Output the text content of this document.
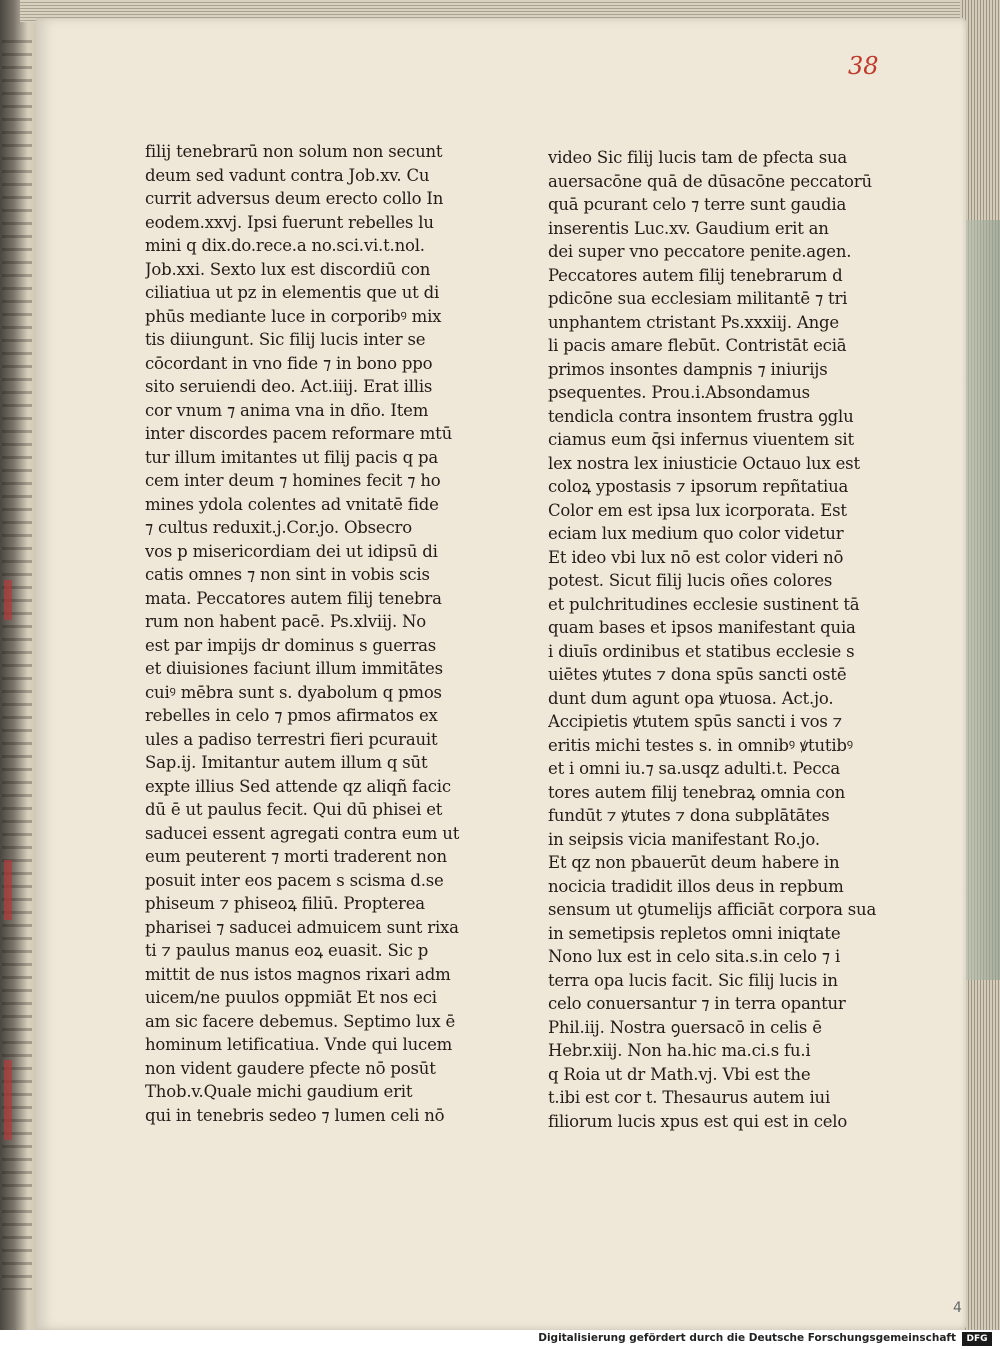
38
filij tenebrarū non solum non secunt
deum sed vadunt contra Job.xv. Cu
currit adversus deum erecto collo In
eodem.xxvj. Ipsi fuerunt rebelles lu
mini q dix.do.rece.a no.sci.vi.t.nol.
Job.xxi. Sexto lux est discordiū con
ciliatiua ut pz in elementis que ut di
phūs mediante luce in corporibꝰ mix
tis diiungunt. Sic filij lucis inter se
cōcordant in vno fide ⁊ in bono ppo
sito seruiendi deo. Act.iiij. Erat illis
cor vnum ⁊ anima vna in dño. Item
inter discordes pacem reformare mtū
tur illum imitantes ut filij pacis q pa
cem inter deum ⁊ homines fecit ⁊ ho
mines ydola colentes ad vnitatē fide
⁊ cultus reduxit.j.Cor.jo. Obsecro
vos p misericordiam dei ut idipsū di
catis omnes ⁊ non sint in vobis scis
mata. Peccatores autem filij tenebra
rum non habent pacē. Ps.xlviij. No
est par impijs dr dominus s guerras
et diuisiones faciunt illum immitātes
cuiꝰ mēbra sunt s. dyabolum q pmos
rebelles in celo ⁊ pmos afirmatos ex
ules a padiso terrestri fieri pcurauit
Sap.ij. Imitantur autem illum q sūt
expte illius Sed attende qz aliqñ facic
dū ē ut paulus fecit. Qui dū phisei et
saducei essent agregati contra eum ut
eum peuterent ⁊ morti traderent non
posuit inter eos pacem s scisma d.se
phiseum ⁊ phiseoꝝ filiū. Propterea
pharisei ⁊ saducei admuicem sunt rixa
ti ⁊ paulus manus eoꝝ euasit. Sic p
mittit de nus istos magnos rixari adm
uicem/ne puulos oppmiāt Et nos eci
am sic facere debemus. Septimo lux ē
hominum letificatiua. Vnde qui lucem
non vident gaudere pfecte nō posūt
Thob.v.Quale michi gaudium erit
qui in tenebris sedeo ⁊ lumen celi nō
video Sic filij lucis tam de pfecta sua
auersacōne quā de dūsacōne peccatorū
quā pcurant celo ⁊ terre sunt gaudia
inserentis Luc.xv. Gaudium erit an
dei super vno peccatore penite.agen.
Peccatores autem filij tenebrarum d
pdicōne sua ecclesiam militantē ⁊ tri
unphantem ctristant Ps.xxxiij. Ange
li pacis amare flebūt. Contristāt eciā
primos insontes dampnis ⁊ iniurijs
psequentes. Prou.i.Absondamus
tendicla contra insontem frustra ꝯglu
ciamus eum q̄si infernus viuentem sit
lex nostra lex iniusticie Octauo lux est
coloꝝ ypostasis ⁊ ipsorum repñtatiua
Color em est ipsa lux icorporata. Est
eciam lux medium quo color videtur
Et ideo vbi lux nō est color videri nō
potest. Sicut filij lucis oñes colores
et pulchritudines ecclesie sustinent tā
quam bases et ipsos manifestant quia
i diuīs ordinibus et statibus ecclesie s
uiētes ꝟtutes ⁊ dona spūs sancti ostē
dunt dum agunt opa ꝟtuosa. Act.jo.
Accipietis ꝟtutem spūs sancti i vos ⁊
eritis michi testes s. in omnibꝰ ꝟtutibꝰ
et i omni iu.⁊ sa.usqz adulti.t. Pecca
tores autem filij tenebraꝝ omnia con
fundūt ⁊ ꝟtutes ⁊ dona subplātātes
in seipsis vicia manifestant Ro.jo.
Et qz non pbauerūt deum habere in
nocicia tradidit illos deus in repbum
sensum ut ꝯtumelijs afficiāt corpora sua
in semetipsis repletos omni iniqtate
Nono lux est in celo sita.s.in celo ⁊ i
terra opa lucis facit. Sic filij lucis in
celo conuersantur ⁊ in terra opantur
Phil.iij. Nostra ꝯuersacō in celis ē
Hebr.xiij. Non ha.hic ma.ci.s fu.i
q Roia ut dr Math.vj. Vbi est the
t.ibi est cor t. Thesaurus autem iui
filiorum lucis xpus est qui est in celo
4
Digitalisierung gefördert durch die Deutsche Forschungsgemeinschaft	DFG
